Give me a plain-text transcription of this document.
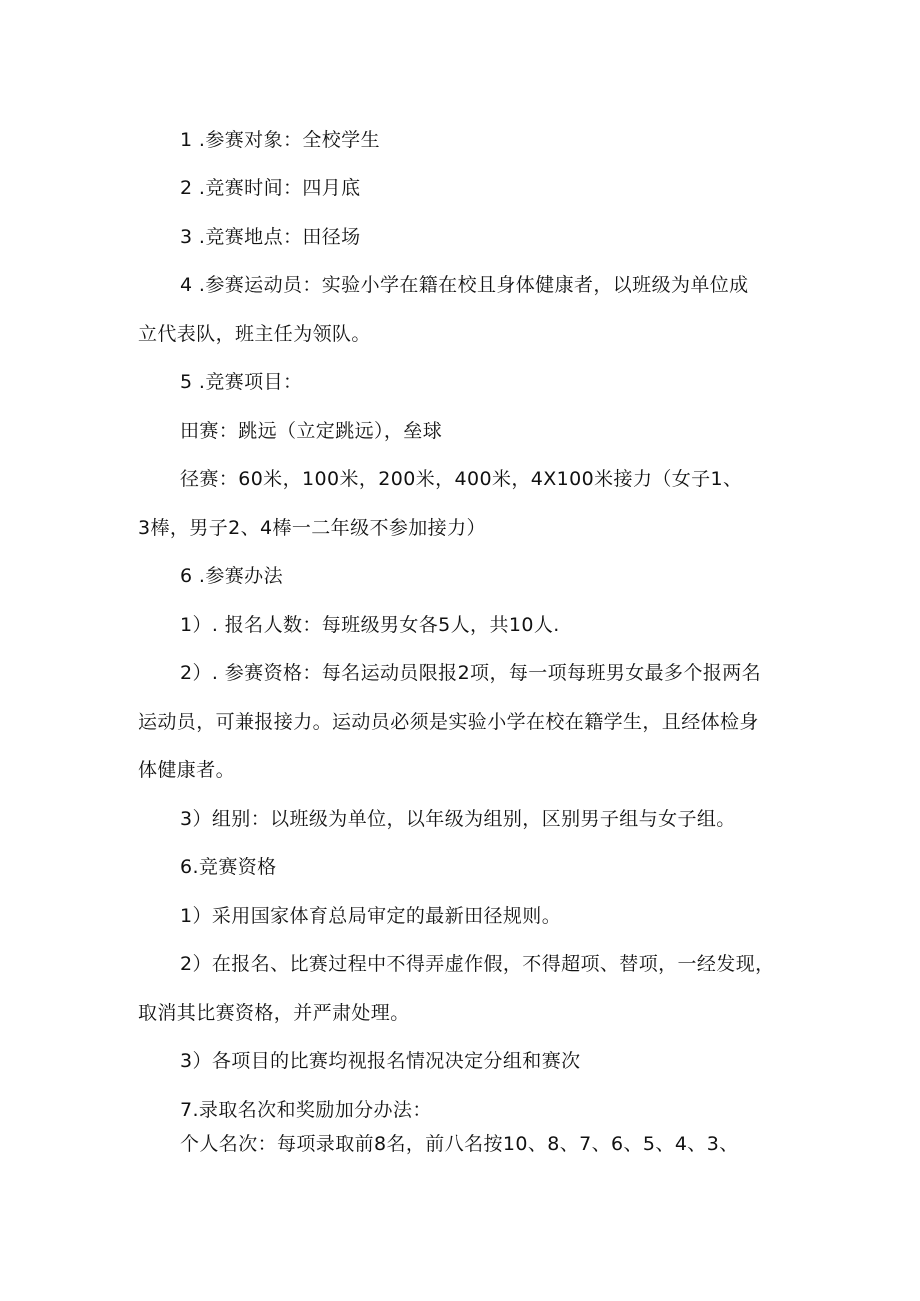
1 .参赛对象：全校学生
2 .竞赛时间：四月底
3 .竞赛地点：田径场
4 .参赛运动员：实验小学在籍在校且身体健康者，以班级为单位成
立代表队，班主任为领队。
5 .竞赛项目：
田赛：跳远（立定跳远），垒球
径赛：60米，100米，200米，400米，4X100米接力（女子1、
3棒，男子2、4棒一二年级不参加接力）
6 .参赛办法
1）. 报名人数：每班级男女各5人，共10人.
2）. 参赛资格：每名运动员限报2项，每一项每班男女最多个报两名
运动员，可兼报接力。运动员必须是实验小学在校在籍学生，且经体检身
体健康者。
3）组别：以班级为单位，以年级为组别，区别男子组与女子组。
6.竞赛资格
1）采用国家体育总局审定的最新田径规则。
2）在报名、比赛过程中不得弄虚作假，不得超项、替项，一经发现，
取消其比赛资格，并严肃处理。
3）各项目的比赛均视报名情况决定分组和赛次
7.录取名次和奖励加分办法：
个人名次：每项录取前8名，前八名按10、8、7、6、5、4、3、
